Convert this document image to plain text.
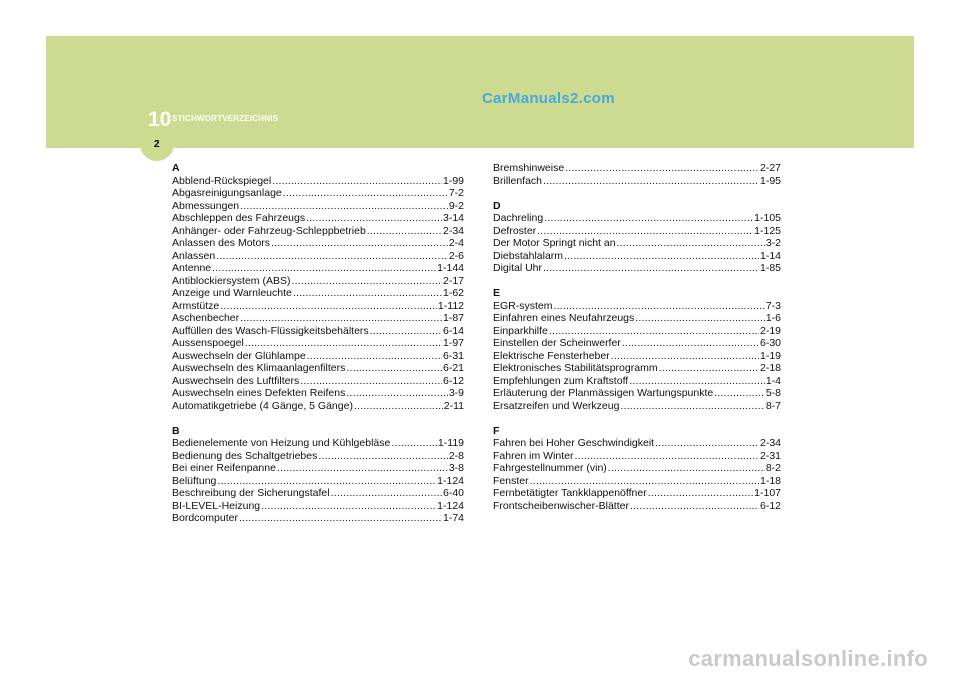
10 STICHWORTVERZEICHNIS
2
CarManuals2.com
carmanualsonline.info
A
Abblend-Rückspiegel .....	1-99
Abgasreinigungsanlage .....	7-2
Abmessungen .....	9-2
Abschleppen des Fahrzeugs .....	3-14
Anhänger- oder Fahrzeug-Schleppbetrieb .....	2-34
Anlassen des Motors .....	2-4
Anlassen .....	2-6
Antenne .....	1-144
Antiblockiersystem (ABS) .....	2-17
Anzeige und Warnleuchte .....	1-62
Armstütze .....	1-112
Aschenbecher .....	1-87
Auffüllen des Wasch-Flüssigkeitsbehälters .....	6-14
Aussenspoegel .....	1-97
Auswechseln der Glühlampe .....	6-31
Auswechseln des Klimaanlagenfilters .....	6-21
Auswechseln des Luftfilters .....	6-12
Auswechseln eines Defekten Reifens .....	3-9
Automatikgetriebe (4 Gänge, 5 Gänge) .....	2-11
B
Bedienelemente von Heizung und Kühlgebläse .....	1-119
Bedienung des Schaltgetriebes .....	2-8
Bei einer Reifenpanne .....	3-8
Belüftung .....	1-124
Beschreibung der Sicherungstafel .....	6-40
BI-LEVEL-Heizung .....	1-124
Bordcomputer .....	1-74
Bremshinweise .....	2-27
Brillenfach .....	1-95
D
Dachreling .....	1-105
Defroster .....	1-125
Der Motor Springt nicht an .....	3-2
Diebstahlalarm .....	1-14
Digital Uhr .....	1-85
E
EGR-system .....	7-3
Einfahren eines Neufahrzeugs .....	1-6
Einparkhilfe .....	2-19
Einstellen der Scheinwerfer .....	6-30
Elektrische Fensterheber .....	1-19
Elektronisches Stabilitätsprogramm .....	2-18
Empfehlungen zum Kraftstoff .....	1-4
Erläuterung der Planmässigen Wartungspunkte .....	5-8
Ersatzreifen und Werkzeug .....	8-7
F
Fahren bei Hoher Geschwindigkeit .....	2-34
Fahren im Winter .....	2-31
Fahrgestellnummer (vin) .....	8-2
Fenster .....	1-18
Fernbetätigter Tankklappenöffner .....	1-107
Frontscheibenwischer-Blätter .....	6-12
